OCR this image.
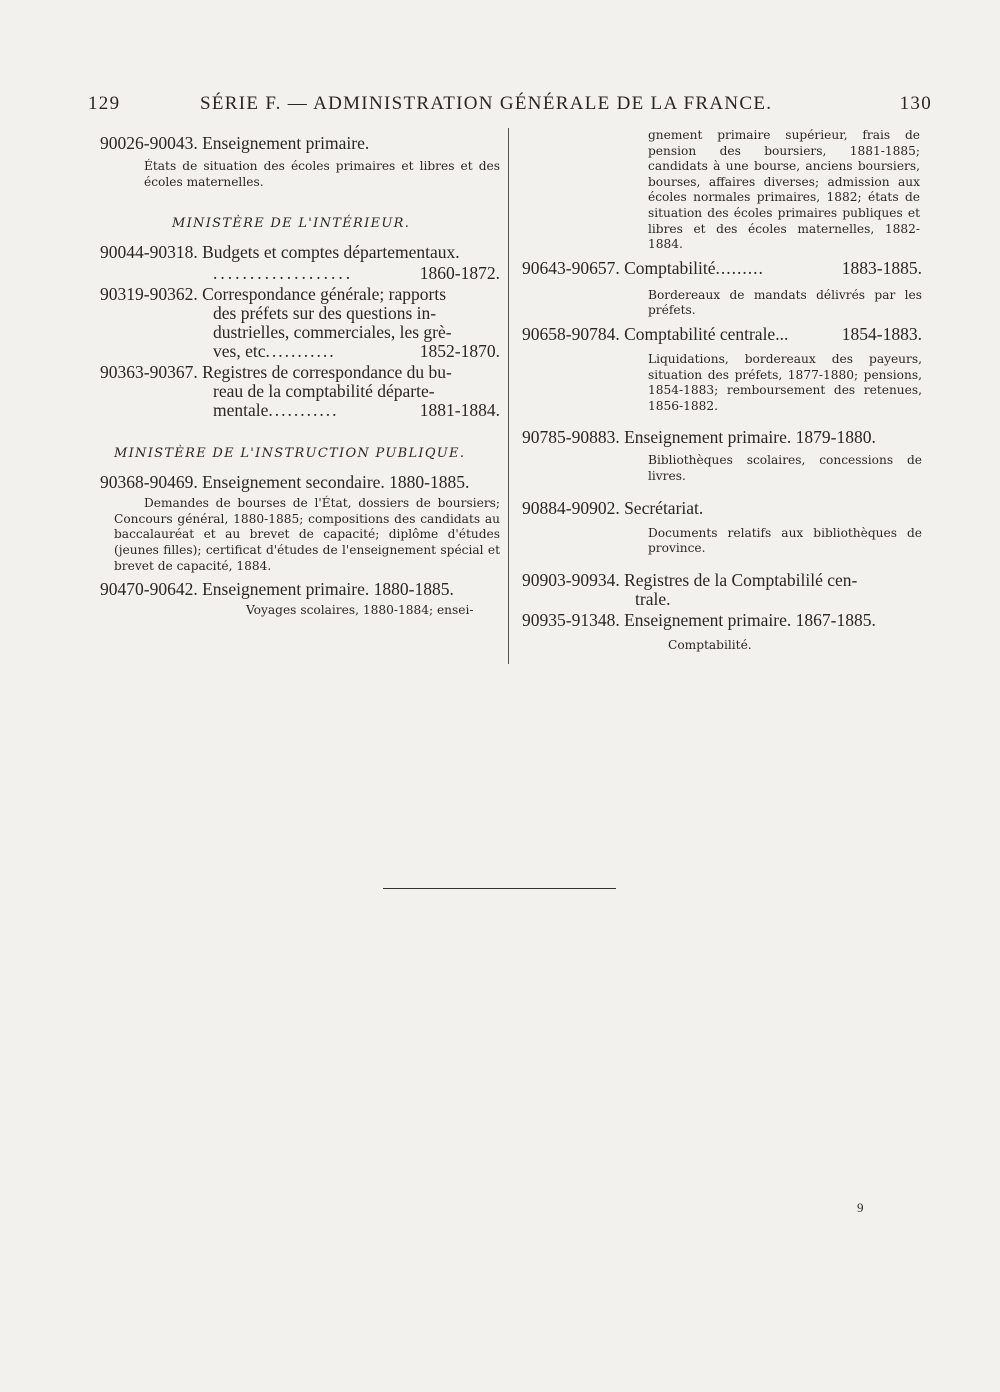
129	SÉRIE F. — ADMINISTRATION GÉNÉRALE DE LA FRANCE.	130

90026-90043. Enseignement primaire.

États de situation des écoles primaires et libres et des écoles maternelles.

MINISTÈRE DE L'INTÉRIEUR.

90044-90318. Budgets et comptes départementaux.

...................	1860-1872.

90319-90362. Correspondance générale; rapports

des préfets sur des questions in-

dustrielles, commerciales, les grè-

ves, etc...........	1852-1870.

90363-90367. Registres de correspondance du bu-

reau de la comptabilité départe-

mentale...........	1881-1884.

MINISTÈRE DE L'INSTRUCTION PUBLIQUE.

90368-90469. Enseignement secondaire. 1880-1885.

Demandes de bourses de l'État, dossiers de boursiers; Concours général, 1880-1885; compositions des candidats au baccalauréat et au brevet de capacité; diplôme d'études (jeunes filles); certificat d'études de l'enseignement spécial et brevet de capacité, 1884.

90470-90642. Enseignement primaire. 1880-1885.

Voyages scolaires, 1880-1884; ensei-

gnement primaire supérieur, frais de pension des boursiers, 1881-1885; candidats à une bourse, anciens boursiers, bourses, affaires diverses; admission aux écoles normales primaires, 1882; états de situation des écoles primaires publiques et libres et des écoles maternelles, 1882-1884.

90643-90657. Comptabilité.........	1883-1885.

Bordereaux de mandats délivrés par les préfets.

90658-90784. Comptabilité centrale...	1854-1883.

Liquidations, bordereaux des payeurs, situation des préfets, 1877-1880; pensions, 1854-1883; remboursement des retenues, 1856-1882.

90785-90883. Enseignement primaire. 1879-1880.

Bibliothèques scolaires, concessions de livres.

90884-90902. Secrétariat.

Documents relatifs aux bibliothèques de province.

90903-90934. Registres de la Comptabililé cen-

trale.

90935-91348. Enseignement primaire. 1867-1885.

Comptabilité.

9
